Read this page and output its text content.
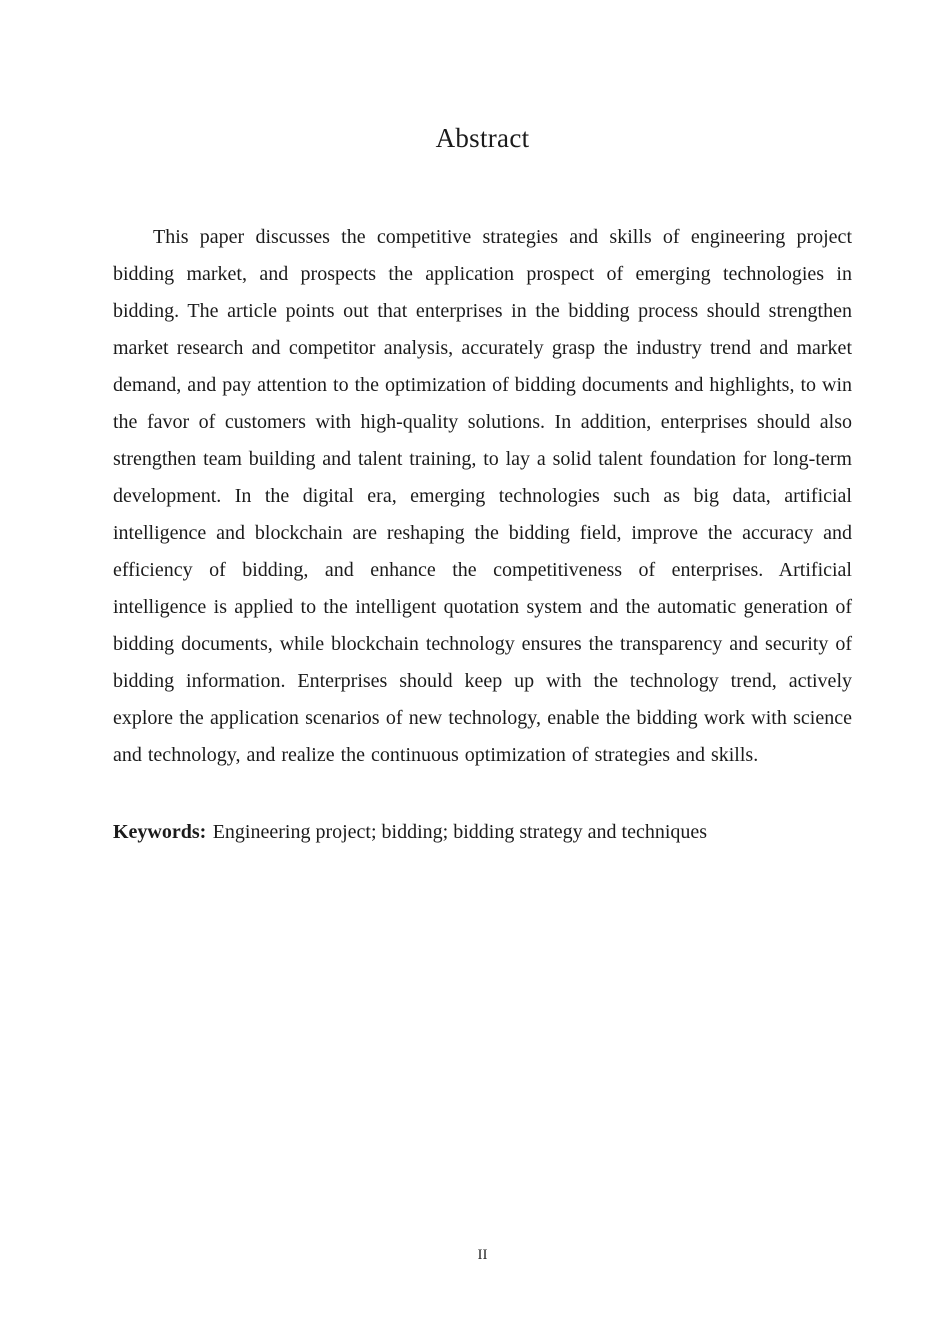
Abstract

This paper discusses the competitive strategies and skills of engineering project bidding market, and prospects the application prospect of emerging technologies in bidding. The article points out that enterprises in the bidding process should strengthen market research and competitor analysis, accurately grasp the industry trend and market demand, and pay attention to the optimization of bidding documents and highlights, to win the favor of customers with high-quality solutions. In addition, enterprises should also strengthen team building and talent training, to lay a solid talent foundation for long-term development. In the digital era, emerging technologies such as big data, artificial intelligence and blockchain are reshaping the bidding field, improve the accuracy and efficiency of bidding, and enhance the competitiveness of enterprises. Artificial intelligence is applied to the intelligent quotation system and the automatic generation of bidding documents, while blockchain technology ensures the transparency and security of bidding information. Enterprises should keep up with the technology trend, actively explore the application scenarios of new technology, enable the bidding work with science and technology, and realize the continuous optimization of strategies and skills.

Keywords: Engineering project; bidding; bidding strategy and techniques

II
